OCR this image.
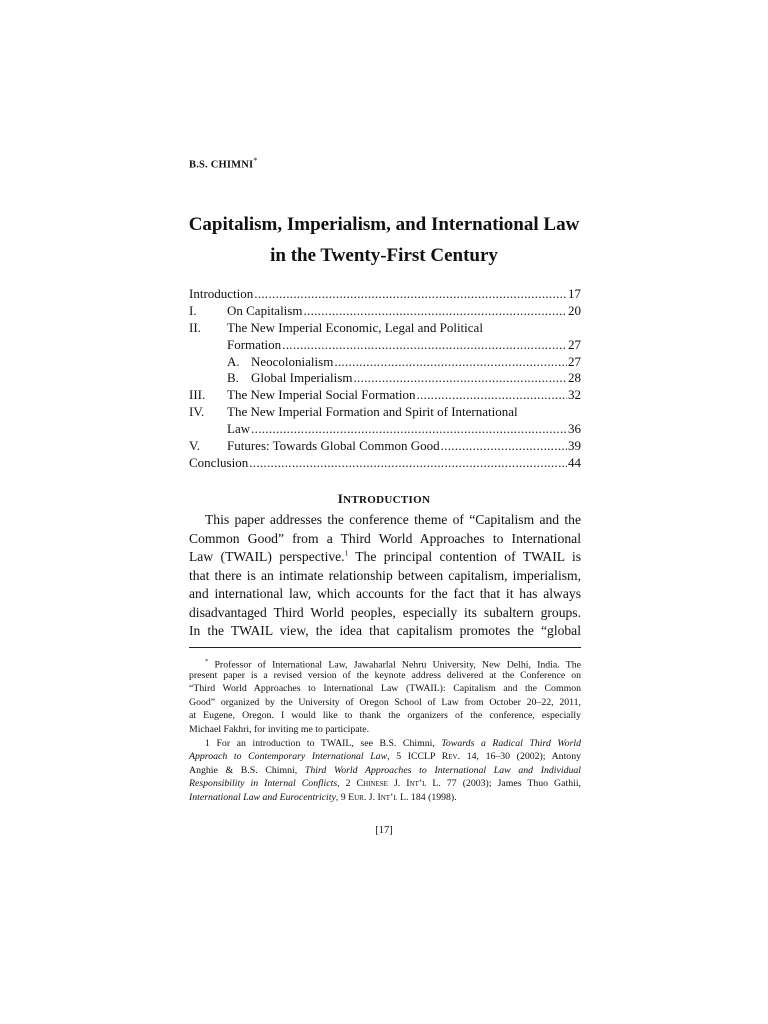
B.S. CHIMNI*
Capitalism, Imperialism, and International Law
in the Twenty-First Century
Introduction .....	17
I.	On Capitalism .....	20
II.	The New Imperial Economic, Legal and Political
Formation .....	27
A. Neocolonialism .....	27
B. Global Imperialism .....	28
III.	The New Imperial Social Formation .....	32
IV.	The New Imperial Formation and Spirit of International
Law .....	36
V.	Futures: Towards Global Common Good .....	39
Conclusion .....	44
INTRODUCTION
This paper addresses the conference theme of “Capitalism and the
Common Good” from a Third World Approaches to International
Law (TWAIL) perspective.$^1$ The principal contention of TWAIL is
that there is an intimate relationship between capitalism, imperialism,
and international law, which accounts for the fact that it has always
disadvantaged Third World peoples, especially its subaltern groups.
In the TWAIL view, the idea that capitalism promotes the “global
* Professor of International Law, Jawaharlal Nehru University, New Delhi, India. The
present paper is a revised version of the keynote address delivered at the Conference on
“Third World Approaches to International Law (TWAIL): Capitalism and the Common
Good” organized by the University of Oregon School of Law from October 20–22, 2011,
at Eugene, Oregon. I would like to thank the organizers of the conference, especially
Michael Fakhri, for inviting me to participate.
1 For an introduction to TWAIL, see B.S. Chimni, Towards a Radical Third World
Approach to Contemporary International Law, 5 ICCLP Rev. 14, 16–30 (2002); Antony
Anghie & B.S. Chimni, Third World Approaches to International Law and Individual
Responsibility in Internal Conflicts, 2 Chinese J. Int’l L. 77 (2003); James Thuo Gathii,
International Law and Eurocentricity, 9 Eur. J. Int’l L. 184 (1998).
[17]
